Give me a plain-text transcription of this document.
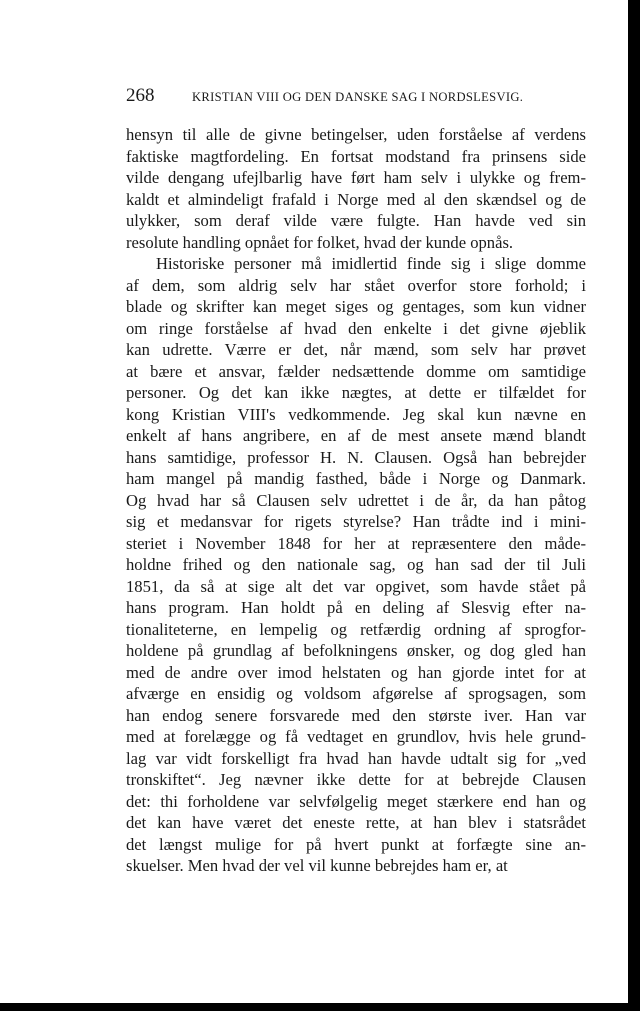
268	KRISTIAN VIII OG DEN DANSKE SAG I NORDSLESVIG.
hensyn til alle de givne betingelser, uden forståelse af verdens
faktiske magtfordeling. En fortsat modstand fra prinsens side
vilde dengang ufejlbarlig have ført ham selv i ulykke og frem-
kaldt et almindeligt frafald i Norge med al den skændsel og de
ulykker, som deraf vilde være fulgte. Han havde ved sin
resolute handling opnået for folket, hvad der kunde opnås.
Historiske personer må imidlertid finde sig i slige domme
af dem, som aldrig selv har stået overfor store forhold; i
blade og skrifter kan meget siges og gentages, som kun vidner
om ringe forståelse af hvad den enkelte i det givne øjeblik
kan udrette. Værre er det, når mænd, som selv har prøvet
at bære et ansvar, fælder nedsættende domme om samtidige
personer. Og det kan ikke nægtes, at dette er tilfældet for
kong Kristian VIII's vedkommende. Jeg skal kun nævne en
enkelt af hans angribere, en af de mest ansete mænd blandt
hans samtidige, professor H. N. Clausen. Også han bebrejder
ham mangel på mandig fasthed, både i Norge og Danmark.
Og hvad har så Clausen selv udrettet i de år, da han påtog
sig et medansvar for rigets styrelse? Han trådte ind i mini-
steriet i November 1848 for her at repræsentere den måde-
holdne frihed og den nationale sag, og han sad der til Juli
1851, da så at sige alt det var opgivet, som havde stået på
hans program. Han holdt på en deling af Slesvig efter na-
tionaliteterne, en lempelig og retfærdig ordning af sprogfor-
holdene på grundlag af befolkningens ønsker, og dog gled han
med de andre over imod helstaten og han gjorde intet for at
afværge en ensidig og voldsom afgørelse af sprogsagen, som
han endog senere forsvarede med den største iver. Han var
med at forelægge og få vedtaget en grundlov, hvis hele grund-
lag var vidt forskelligt fra hvad han havde udtalt sig for „ved
tronskiftet“. Jeg nævner ikke dette for at bebrejde Clausen
det: thi forholdene var selvfølgelig meget stærkere end han og
det kan have været det eneste rette, at han blev i statsrådet
det længst mulige for på hvert punkt at forfægte sine an-
skuelser. Men hvad der vel vil kunne bebrejdes ham er, at
